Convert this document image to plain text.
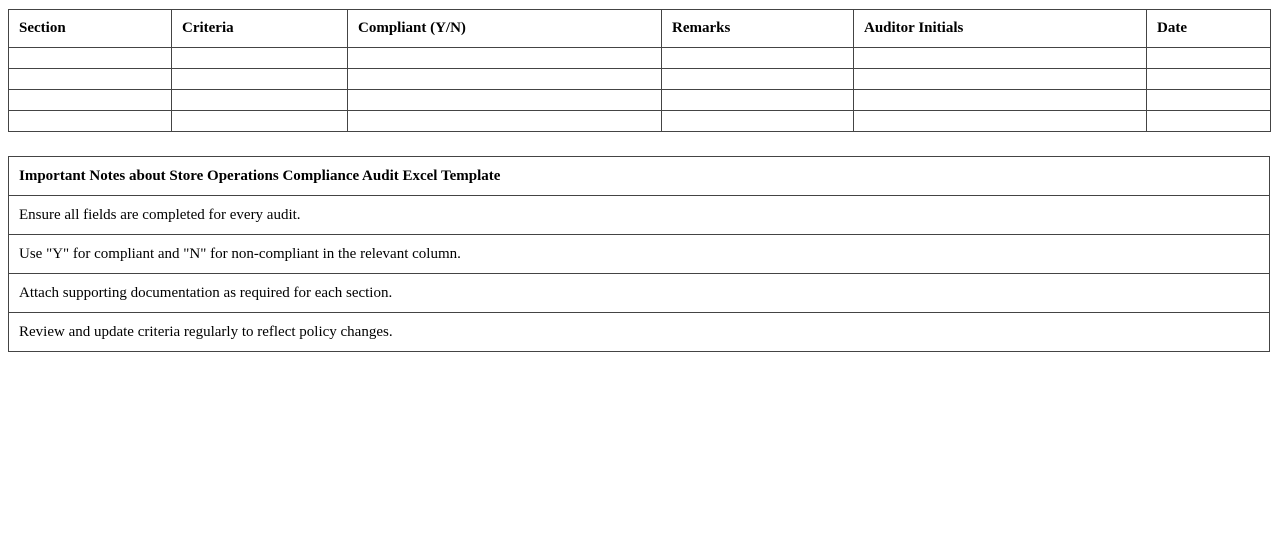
Section	Criteria	Compliant (Y/N)	Remarks	Auditor Initials	Date

Important Notes about Store Operations Compliance Audit Excel Template
Ensure all fields are completed for every audit.
Use "Y" for compliant and "N" for non-compliant in the relevant column.
Attach supporting documentation as required for each section.
Review and update criteria regularly to reflect policy changes.
